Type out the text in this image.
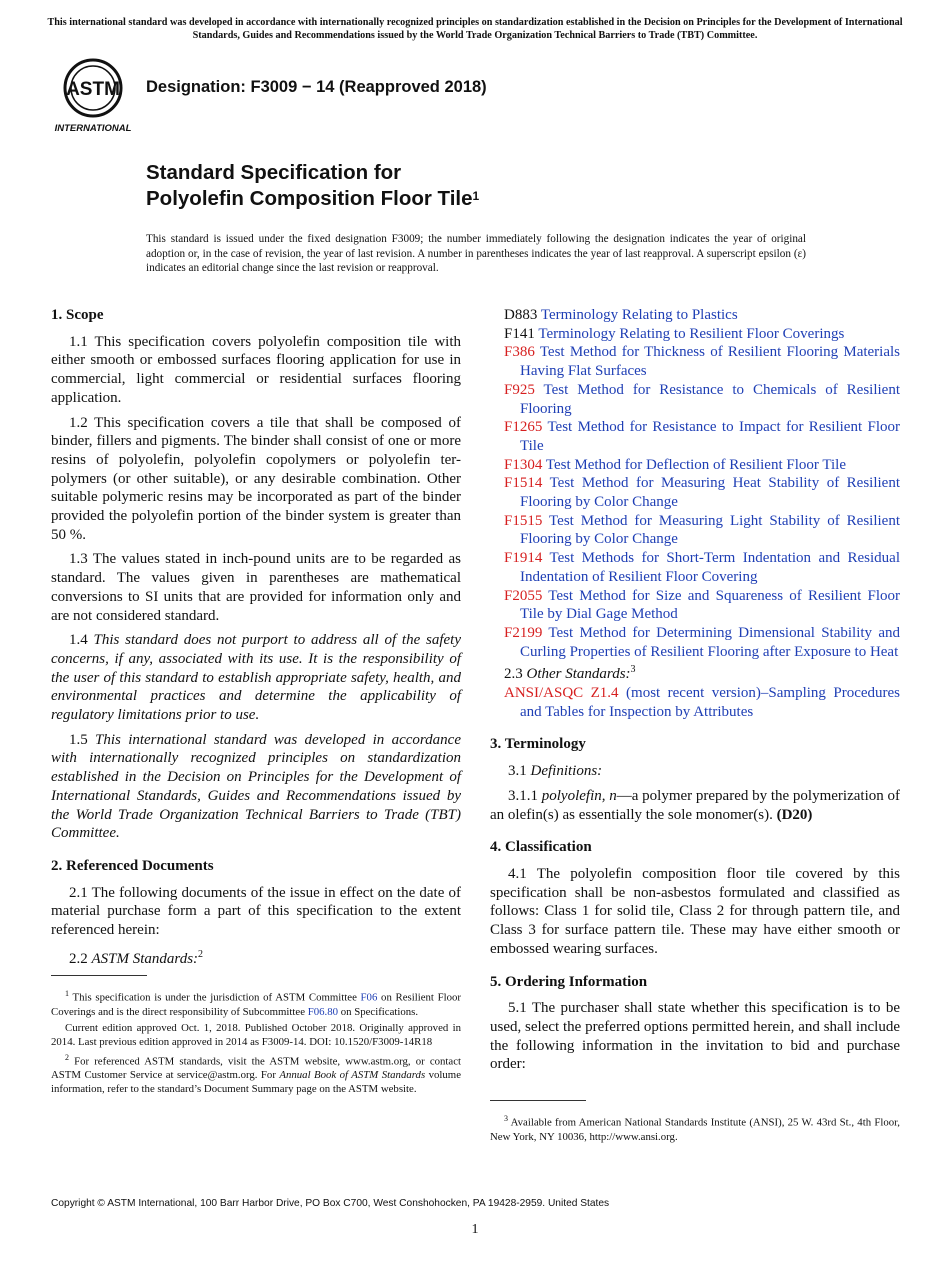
This international standard was developed in accordance with internationally recognized principles on standardization established in the Decision on Principles for the Development of International Standards, Guides and Recommendations issued by the World Trade Organization Technical Barriers to Trade (TBT) Committee.
ASTM
INTERNATIONAL
Designation: F3009 − 14 (Reapproved 2018)
Standard Specification for
Polyolefin Composition Floor Tile$^1$
This standard is issued under the fixed designation F3009; the number immediately following the designation indicates the year of original adoption or, in the case of revision, the year of last revision. A number in parentheses indicates the year of last reapproval. A superscript epsilon (ε) indicates an editorial change since the last revision or reapproval.
1. Scope

1.1 This specification covers polyolefin composition tile with either smooth or embossed surfaces flooring application for use in commercial, light commercial or residential surfaces flooring application.

1.2 This specification covers a tile that shall be composed of binder, fillers and pigments. The binder shall consist of one or more resins of polyolefin, polyolefin copolymers or polyolefin ter-polymers (or other suitable), or any desirable combination. Other suitable polymeric resins may be incorporated as part of the binder provided the polyolefin portion of the binder system is greater than 50 %.

1.3 The values stated in inch-pound units are to be regarded as standard. The values given in parentheses are mathematical conversions to SI units that are provided for information only and are not considered standard.

1.4 This standard does not purport to address all of the safety concerns, if any, associated with its use. It is the responsibility of the user of this standard to establish appropriate safety, health, and environmental practices and determine the applicability of regulatory limitations prior to use.

1.5 This international standard was developed in accordance with internationally recognized principles on standardization established in the Decision on Principles for the Development of International Standards, Guides and Recommendations issued by the World Trade Organization Technical Barriers to Trade (TBT) Committee.

2. Referenced Documents

2.1 The following documents of the issue in effect on the date of material purchase form a part of this specification to the extent referenced herein:

2.2 ASTM Standards:$^2$

$^1$ This specification is under the jurisdiction of ASTM Committee F06 on Resilient Floor Coverings and is the direct responsibility of Subcommittee F06.80 on Specifications.

Current edition approved Oct. 1, 2018. Published October 2018. Originally approved in 2014. Last previous edition approved in 2014 as F3009-14. DOI: 10.1520/F3009-14R18

$^2$ For referenced ASTM standards, visit the ASTM website, www.astm.org, or contact ASTM Customer Service at service@astm.org. For Annual Book of ASTM Standards volume information, refer to the standard’s Document Summary page on the ASTM website.

D883 Terminology Relating to Plastics

F141 Terminology Relating to Resilient Floor Coverings

F386 Test Method for Thickness of Resilient Flooring Materials Having Flat Surfaces

F925 Test Method for Resistance to Chemicals of Resilient Flooring

F1265 Test Method for Resistance to Impact for Resilient Floor Tile

F1304 Test Method for Deflection of Resilient Floor Tile

F1514 Test Method for Measuring Heat Stability of Resilient Flooring by Color Change

F1515 Test Method for Measuring Light Stability of Resilient Flooring by Color Change

F1914 Test Methods for Short-Term Indentation and Residual Indentation of Resilient Floor Covering

F2055 Test Method for Size and Squareness of Resilient Floor Tile by Dial Gage Method

F2199 Test Method for Determining Dimensional Stability and Curling Properties of Resilient Flooring after Exposure to Heat

2.3 Other Standards:$^3$

ANSI/ASQC Z1.4 (most recent version)–Sampling Procedures and Tables for Inspection by Attributes

3. Terminology

3.1 Definitions:

3.1.1 polyolefin, n—a polymer prepared by the polymerization of an olefin(s) as essentially the sole monomer(s). (D20)

4. Classification

4.1 The polyolefin composition floor tile covered by this specification shall be non-asbestos formulated and classified as follows: Class 1 for solid tile, Class 2 for through pattern tile, and Class 3 for surface pattern tile. These may have either smooth or embossed wearing surfaces.

5. Ordering Information

5.1 The purchaser shall state whether this specification is to be used, select the preferred options permitted herein, and shall include the following information in the invitation to bid and purchase order:

$^3$ Available from American National Standards Institute (ANSI), 25 W. 43rd St., 4th Floor, New York, NY 10036, http://www.ansi.org.

Copyright © ASTM International, 100 Barr Harbor Drive, PO Box C700, West Conshohocken, PA 19428-2959. United States
1
